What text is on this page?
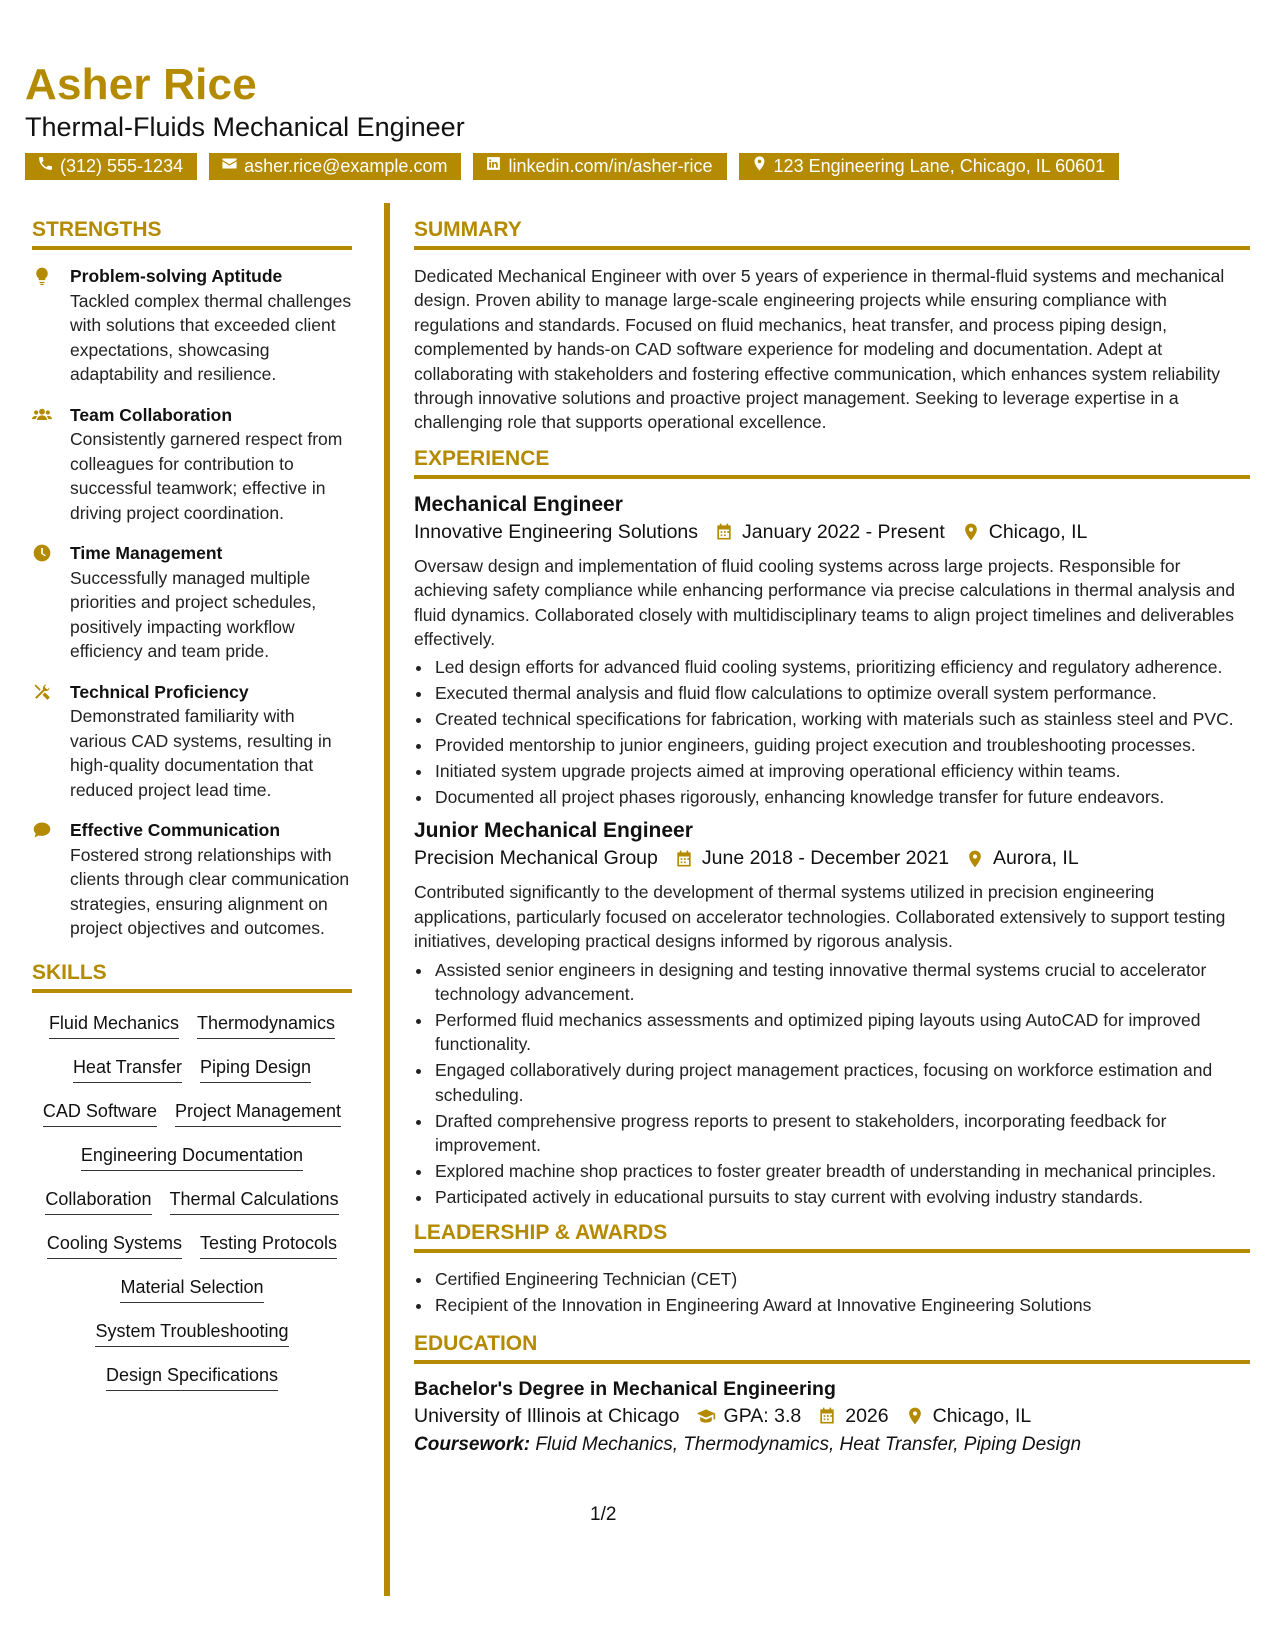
Asher Rice
Thermal-Fluids Mechanical Engineer
(312) 555-1234	asher.rice@example.com	linkedin.com/in/asher-rice	123 Engineering Lane, Chicago, IL 60601
STRENGTHS
Problem-solving Aptitude
Tackled complex thermal challenges with solutions that exceeded client expectations, showcasing adaptability and resilience.
Team Collaboration
Consistently garnered respect from colleagues for contribution to successful teamwork; effective in driving project coordination.
Time Management
Successfully managed multiple priorities and project schedules, positively impacting workflow efficiency and team pride.
Technical Proficiency
Demonstrated familiarity with various CAD systems, resulting in high-quality documentation that reduced project lead time.
Effective Communication
Fostered strong relationships with clients through clear communication strategies, ensuring alignment on project objectives and outcomes.
SKILLS
Fluid Mechanics Thermodynamics
Heat Transfer Piping Design
CAD Software Project Management
Engineering Documentation
Collaboration Thermal Calculations
Cooling Systems Testing Protocols
Material Selection
System Troubleshooting
Design Specifications
SUMMARY

Dedicated Mechanical Engineer with over 5 years of experience in thermal-fluid systems and mechanical design. Proven ability to manage large-scale engineering projects while ensuring compliance with regulations and standards. Focused on fluid mechanics, heat transfer, and process piping design, complemented by hands-on CAD software experience for modeling and documentation. Adept at collaborating with stakeholders and fostering effective communication, which enhances system reliability through innovative solutions and proactive project management. Seeking to leverage expertise in a challenging role that supports operational excellence.

EXPERIENCE
Mechanical Engineer
Innovative Engineering Solutions January 2022 - Present Chicago, IL

Oversaw design and implementation of fluid cooling systems across large projects. Responsible for achieving safety compliance while enhancing performance via precise calculations in thermal analysis and fluid dynamics. Collaborated closely with multidisciplinary teams to align project timelines and deliverables effectively.

• Led design efforts for advanced fluid cooling systems, prioritizing efficiency and regulatory adherence.
• Executed thermal analysis and fluid flow calculations to optimize overall system performance.
• Created technical specifications for fabrication, working with materials such as stainless steel and PVC.
• Provided mentorship to junior engineers, guiding project execution and troubleshooting processes.
• Initiated system upgrade projects aimed at improving operational efficiency within teams.
• Documented all project phases rigorously, enhancing knowledge transfer for future endeavors.
Junior Mechanical Engineer
Precision Mechanical Group June 2018 - December 2021 Aurora, IL

Contributed significantly to the development of thermal systems utilized in precision engineering applications, particularly focused on accelerator technologies. Collaborated extensively to support testing initiatives, developing practical designs informed by rigorous analysis.

• Assisted senior engineers in designing and testing innovative thermal systems crucial to accelerator technology advancement.
• Performed fluid mechanics assessments and optimized piping layouts using AutoCAD for improved functionality.
• Engaged collaboratively during project management practices, focusing on workforce estimation and scheduling.
• Drafted comprehensive progress reports to present to stakeholders, incorporating feedback for improvement.
• Explored machine shop practices to foster greater breadth of understanding in mechanical principles.
• Participated actively in educational pursuits to stay current with evolving industry standards.
LEADERSHIP & AWARDS
• Certified Engineering Technician (CET)
• Recipient of the Innovation in Engineering Award at Innovative Engineering Solutions
EDUCATION
Bachelor's Degree in Mechanical Engineering
University of Illinois at Chicago GPA: 3.8 2026 Chicago, IL
Coursework: Fluid Mechanics, Thermodynamics, Heat Transfer, Piping Design
1/2
